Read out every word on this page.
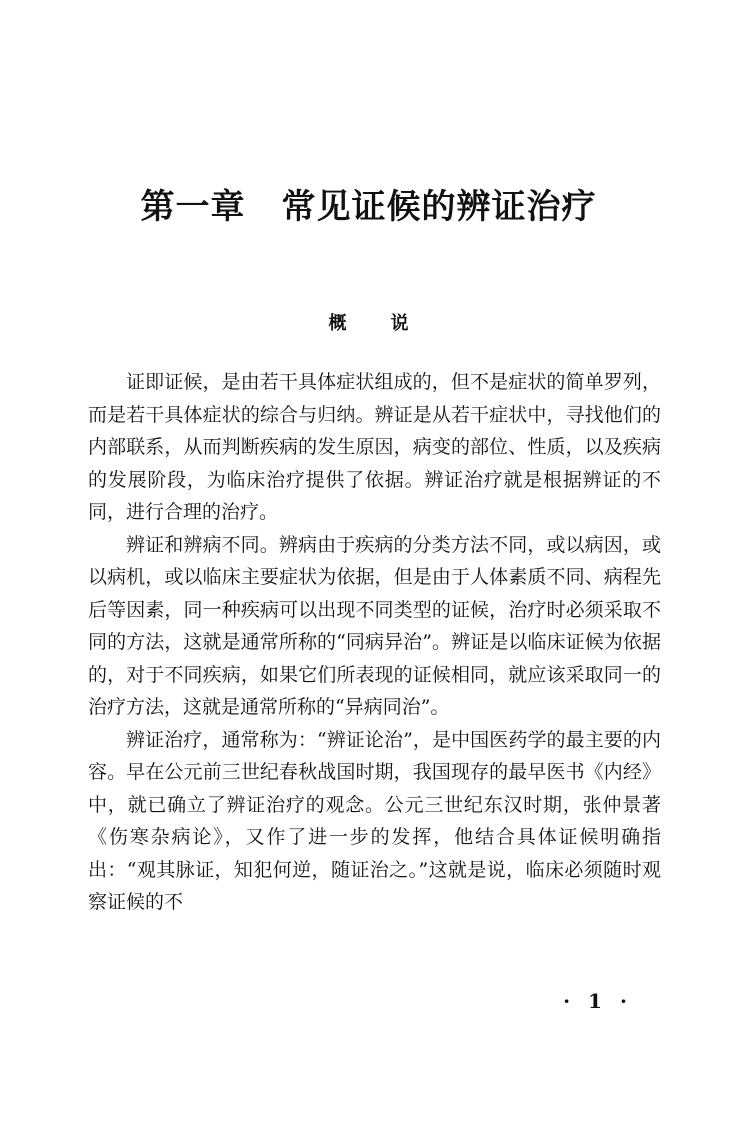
第一章 常见证候的辨证治疗
概 说

证即证候，是由若干具体症状组成的，但不是症状的简单罗列，而是若干具体症状的综合与归纳。辨证是从若干症状中，寻找他们的内部联系，从而判断疾病的发生原因，病变的部位、性质，以及疾病的发展阶段，为临床治疗提供了依据。辨证治疗就是根据辨证的不同，进行合理的治疗。

辨证和辨病不同。辨病由于疾病的分类方法不同，或以病因，或以病机，或以临床主要症状为依据，但是由于人体素质不同、病程先后等因素，同一种疾病可以出现不同类型的证候，治疗时必须采取不同的方法，这就是通常所称的“同病异治”。辨证是以临床证候为依据的，对于不同疾病，如果它们所表现的证候相同，就应该采取同一的治疗方法，这就是通常所称的“异病同治”。

辨证治疗，通常称为：“辨证论治”，是中国医药学的最主要的内容。早在公元前三世纪春秋战国时期，我国现存的最早医书《内经》中，就已确立了辨证治疗的观念。公元三世纪东汉时期，张仲景著《伤寒杂病论》，又作了进一步的发挥，他结合具体证候明确指出：“观其脉证，知犯何逆，随证治之。”这就是说，临床必须随时观察证候的不

· 1 ·
